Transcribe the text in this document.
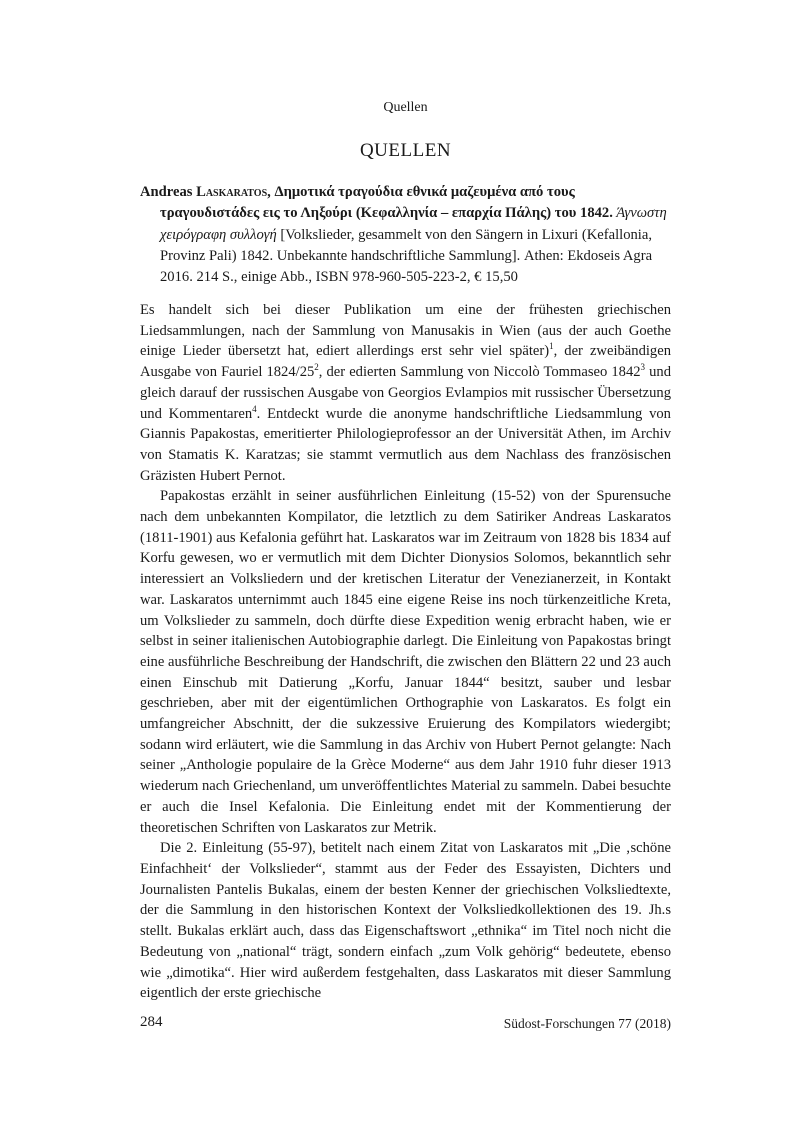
Quellen
QUELLEN
Andreas Laskaratos, Δημοτικά τραγούδια εθνικά μαζευμένα από τους τραγουδιστάδες εις το Ληξούρι (Κεφαλληνία – επαρχία Πάλης) του 1842. Άγνωστη χειρόγραφη συλλογή [Volkslieder, gesammelt von den Sängern in Lixuri (Kefallonia, Provinz Pali) 1842. Unbekannte handschriftliche Sammlung]. Athen: Ekdoseis Agra 2016. 214 S., einige Abb., ISBN 978-960-505-223-2, € 15,50

Es handelt sich bei dieser Publikation um eine der frühesten griechischen Liedsammlungen, nach der Sammlung von Manusakis in Wien (aus der auch Goethe einige Lieder übersetzt hat, ediert allerdings erst sehr viel später)$^1$, der zweibändigen Ausgabe von Fauriel $1824/25^2$, der edierten Sammlung von Niccolò Tommaseo 1842$^3$ und gleich darauf der russischen Ausgabe von Georgios Evlampios mit russischer Übersetzung und Kommentaren$^4$. Entdeckt wurde die anonyme handschriftliche Liedsammlung von Giannis Papakostas, emeritierter Philologieprofessor an der Universität Athen, im Archiv von Stamatis K. Karatzas; sie stammt vermutlich aus dem Nachlass des französischen Gräzisten Hubert Pernot.

Papakostas erzählt in seiner ausführlichen Einleitung (15-52) von der Spurensuche nach dem unbekannten Kompilator, die letztlich zu dem Satiriker Andreas Laskaratos (1811-1901) aus Kefalonia geführt hat. Laskaratos war im Zeitraum von 1828 bis 1834 auf Korfu gewesen, wo er vermutlich mit dem Dichter Dionysios Solomos, bekanntlich sehr interessiert an Volksliedern und der kretischen Literatur der Venezianerzeit, in Kontakt war. Laskaratos unternimmt auch 1845 eine eigene Reise ins noch türkenzeitliche Kreta, um Volkslieder zu sammeln, doch dürfte diese Expedition wenig erbracht haben, wie er selbst in seiner italienischen Autobiographie darlegt. Die Einleitung von Papakostas bringt eine ausführliche Beschreibung der Handschrift, die zwischen den Blättern 22 und 23 auch einen Einschub mit Datierung „Korfu, Januar 1844“ besitzt, sauber und lesbar geschrieben, aber mit der eigentümlichen Orthographie von Laskaratos. Es folgt ein umfangreicher Abschnitt, der die sukzessive Eruierung des Kompilators wiedergibt; sodann wird erläutert, wie die Sammlung in das Archiv von Hubert Pernot gelangte: Nach seiner „Anthologie populaire de la Grèce Moderne“ aus dem Jahr 1910 fuhr dieser 1913 wiederum nach Griechenland, um unveröffentlichtes Material zu sammeln. Dabei besuchte er auch die Insel Kefalonia. Die Einleitung endet mit der Kommentierung der theoretischen Schriften von Laskaratos zur Metrik.

Die 2. Einleitung (55-97), betitelt nach einem Zitat von Laskaratos mit „Die ‚schöne Einfachheit‘ der Volkslieder“, stammt aus der Feder des Essayisten, Dichters und Journalisten Pantelis Bukalas, einem der besten Kenner der griechischen Volksliedtexte, der die Sammlung in den historischen Kontext der Volksliedkollektionen des 19. Jh.s stellt. Bukalas erklärt auch, dass das Eigenschaftswort „ethnika“ im Titel noch nicht die Bedeutung von „national“ trägt, sondern einfach „zum Volk gehörig“ bedeutete, ebenso wie „dimotika“. Hier wird außerdem festgehalten, dass Laskaratos mit dieser Sammlung eigentlich der erste griechische

284	Südost-Forschungen 77 (2018)
